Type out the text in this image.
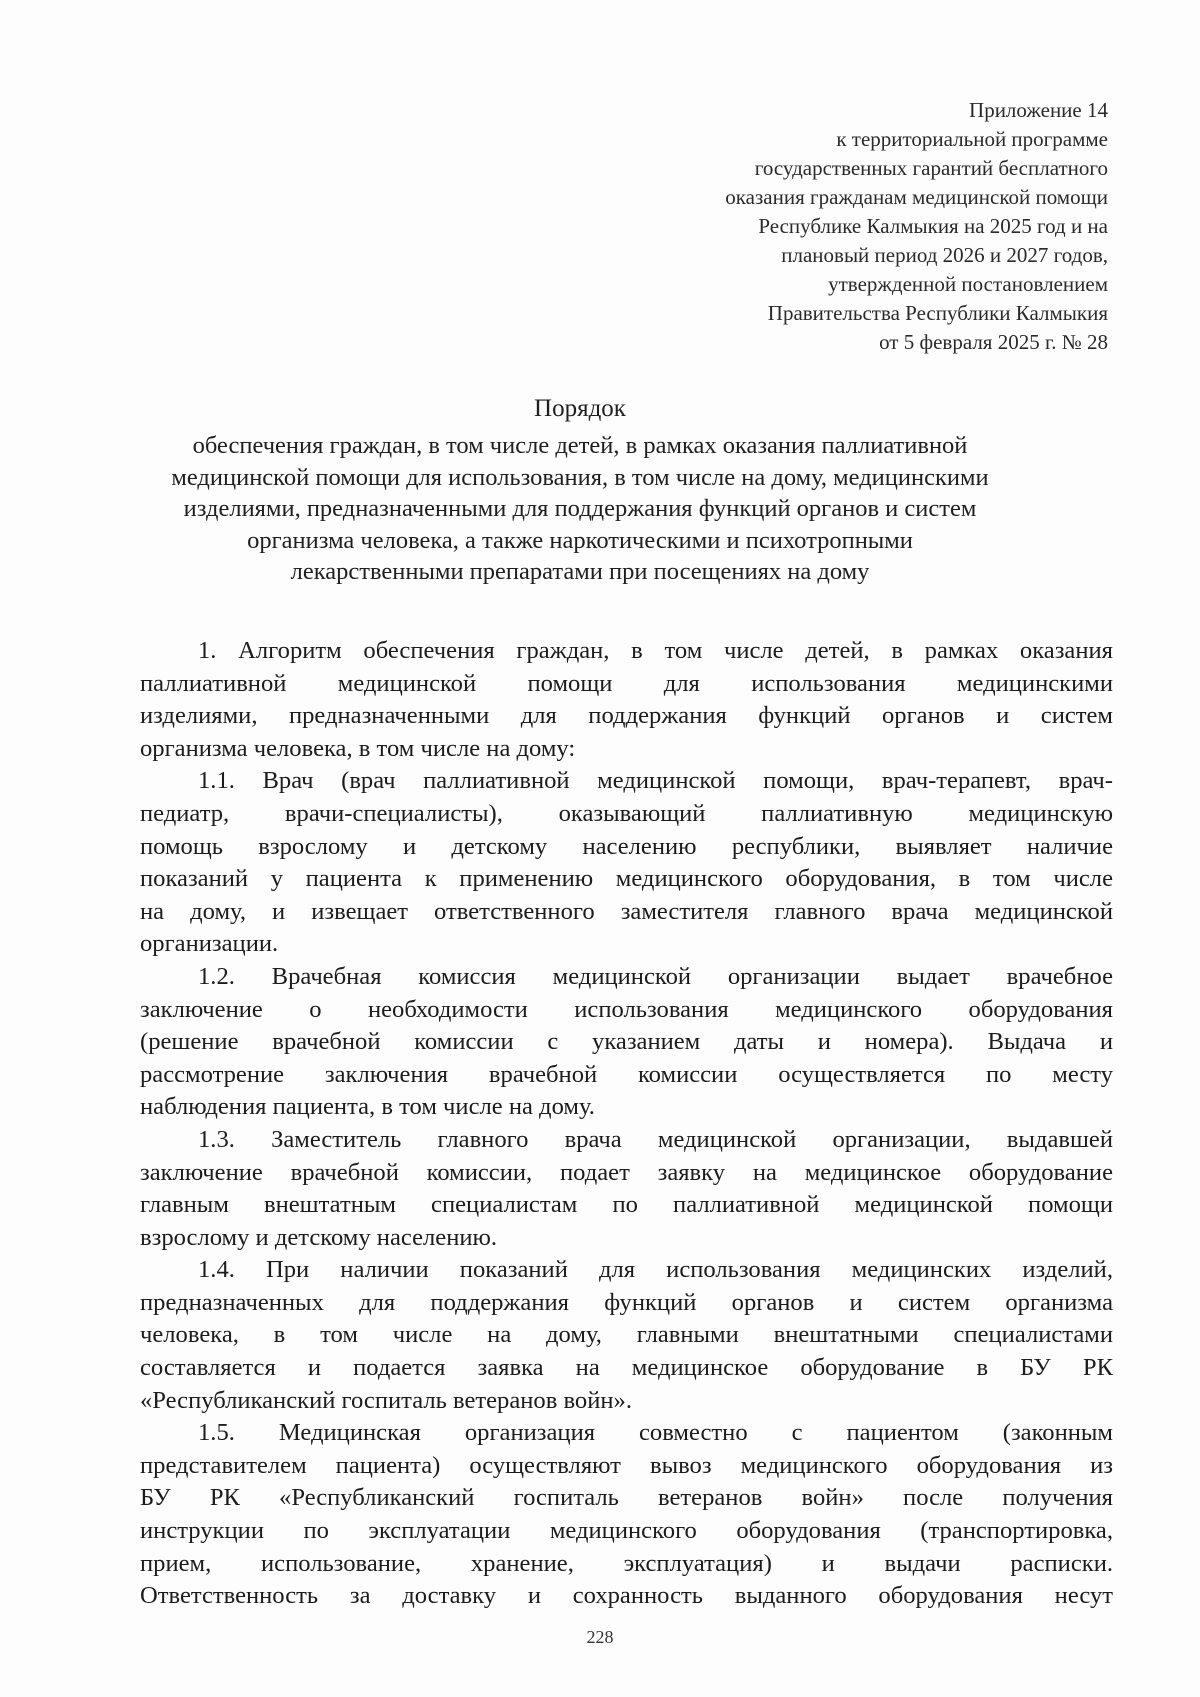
Приложение 14
к территориальной программе
государственных гарантий бесплатного
оказания гражданам медицинской помощи
Республике Калмыкия на 2025 год и на
плановый период 2026 и 2027 годов,
утвержденной постановлением
Правительства Республики Калмыкия
от 5 февраля 2025 г. № 28
Порядок
обеспечения граждан, в том числе детей, в рамках оказания паллиативной
медицинской помощи для использования, в том числе на дому, медицинскими
изделиями, предназначенными для поддержания функций органов и систем
организма человека, а также наркотическими и психотропными
лекарственными препаратами при посещениях на дому
1. Алгоритм обеспечения граждан, в том числе детей, в рамках оказания
паллиативной медицинской помощи для использования медицинскими
изделиями, предназначенными для поддержания функций органов и систем
организма человека, в том числе на дому:
1.1. Врач (врач паллиативной медицинской помощи, врач-терапевт, врач-
педиатр, врачи-специалисты), оказывающий паллиативную медицинскую
помощь взрослому и детскому населению республики, выявляет наличие
показаний у пациента к применению медицинского оборудования, в том числе
на дому, и извещает ответственного заместителя главного врача медицинской
организации.
1.2. Врачебная комиссия медицинской организации выдает врачебное
заключение о необходимости использования медицинского оборудования
(решение врачебной комиссии с указанием даты и номера). Выдача и
рассмотрение заключения врачебной комиссии осуществляется по месту
наблюдения пациента, в том числе на дому.
1.3. Заместитель главного врача медицинской организации, выдавшей
заключение врачебной комиссии, подает заявку на медицинское оборудование
главным внештатным специалистам по паллиативной медицинской помощи
взрослому и детскому населению.
1.4. При наличии показаний для использования медицинских изделий,
предназначенных для поддержания функций органов и систем организма
человека, в том числе на дому, главными внештатными специалистами
составляется и подается заявка на медицинское оборудование в БУ РК
«Республиканский госпиталь ветеранов войн».
1.5. Медицинская организация совместно с пациентом (законным
представителем пациента) осуществляют вывоз медицинского оборудования из
БУ РК «Республиканский госпиталь ветеранов войн» после получения
инструкции по эксплуатации медицинского оборудования (транспортировка,
прием, использование, хранение, эксплуатация) и выдачи расписки.
Ответственность за доставку и сохранность выданного оборудования несут
228
